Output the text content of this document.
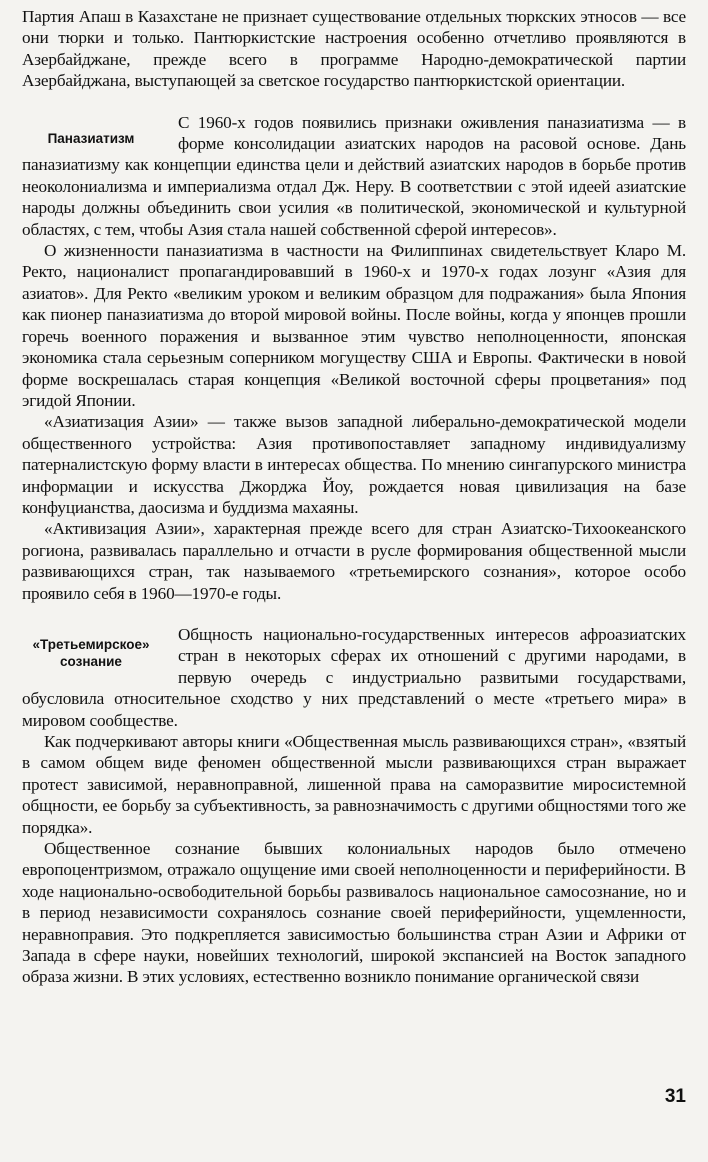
Партия Апаш в Казахстане не признает существование отдельных тюркских этносов — все они тюрки и только. Пантюркистские настроения особенно отчетливо проявляются в Азербайджане, прежде всего в программе Народно-демократической партии Азербайджана, выступающей за светское государство пантюркистской ориентации.

Паназиатизм

С 1960-х годов появились признаки оживления паназиатизма — в форме консолидации азиатских народов на расовой основе. Дань паназиатизму как концепции единства цели и действий азиатских народов в борьбе против неоколониализма и империализма отдал Дж. Неру. В соответствии с этой идеей азиатские народы должны объединить свои усилия «в политической, экономической и культурной областях, с тем, чтобы Азия стала нашей собственной сферой интересов».

О жизненности паназиатизма в частности на Филиппинах свидетельствует Кларо М. Ректо, националист пропагандировавший в 1960-х и 1970-х годах лозунг «Азия для азиатов». Для Ректо «великим уроком и великим образцом для подражания» была Япония как пионер паназиатизма до второй мировой войны. После войны, когда у японцев прошли горечь военного поражения и вызванное этим чувство неполноценности, японская экономика стала серьезным соперником могуществу США и Европы. Фактически в новой форме воскрешалась старая концепция «Великой восточной сферы процветания» под эгидой Японии.

«Азиатизация Азии» — также вызов западной либерально-демократической модели общественного устройства: Азия противопоставляет западному индивидуализму патерналистскую форму власти в интересах общества. По мнению сингапурского министра информации и искусства Джорджа Йоу, рождается новая цивилизация на базе конфуцианства, даосизма и буддизма махаяны.

«Активизация Азии», характерная прежде всего для стран Азиатско-Тихоокеанского рогиона, развивалась параллельно и отчасти в русле формирования общественной мысли развивающихся стран, так называемого «третьемирского сознания», которое особо проявило себя в 1960—1970-е годы.

«Третьемирское» сознание

Общность национально-государственных интересов афроазиатских стран в некоторых сферах их отношений с другими народами, в первую очередь с индустриально развитыми государствами, обусловила относительное сходство у них представлений о месте «третьего мира» в мировом сообществе.

Как подчеркивают авторы книги «Общественная мысль развивающихся стран», «взятый в самом общем виде феномен общественной мысли развивающихся стран выражает протест зависимой, неравноправной, лишенной права на саморазвитие миросистемной общности, ее борьбу за субъективность, за равнозначимость с другими общностями того же порядка».

Общественное сознание бывших колониальных народов было отмечено европоцентризмом, отражало ощущение ими своей неполноценности и периферийности. В ходе национально-освободительной борьбы развивалось национальное самосознание, но и в период независимости сохранялось сознание своей периферийности, ущемленности, неравноправия. Это подкрепляется зависимостью большинства стран Азии и Африки от Запада в сфере науки, новейших технологий, широкой экспансией на Восток западного образа жизни. В этих условиях, естественно возникло понимание органической связи

31
